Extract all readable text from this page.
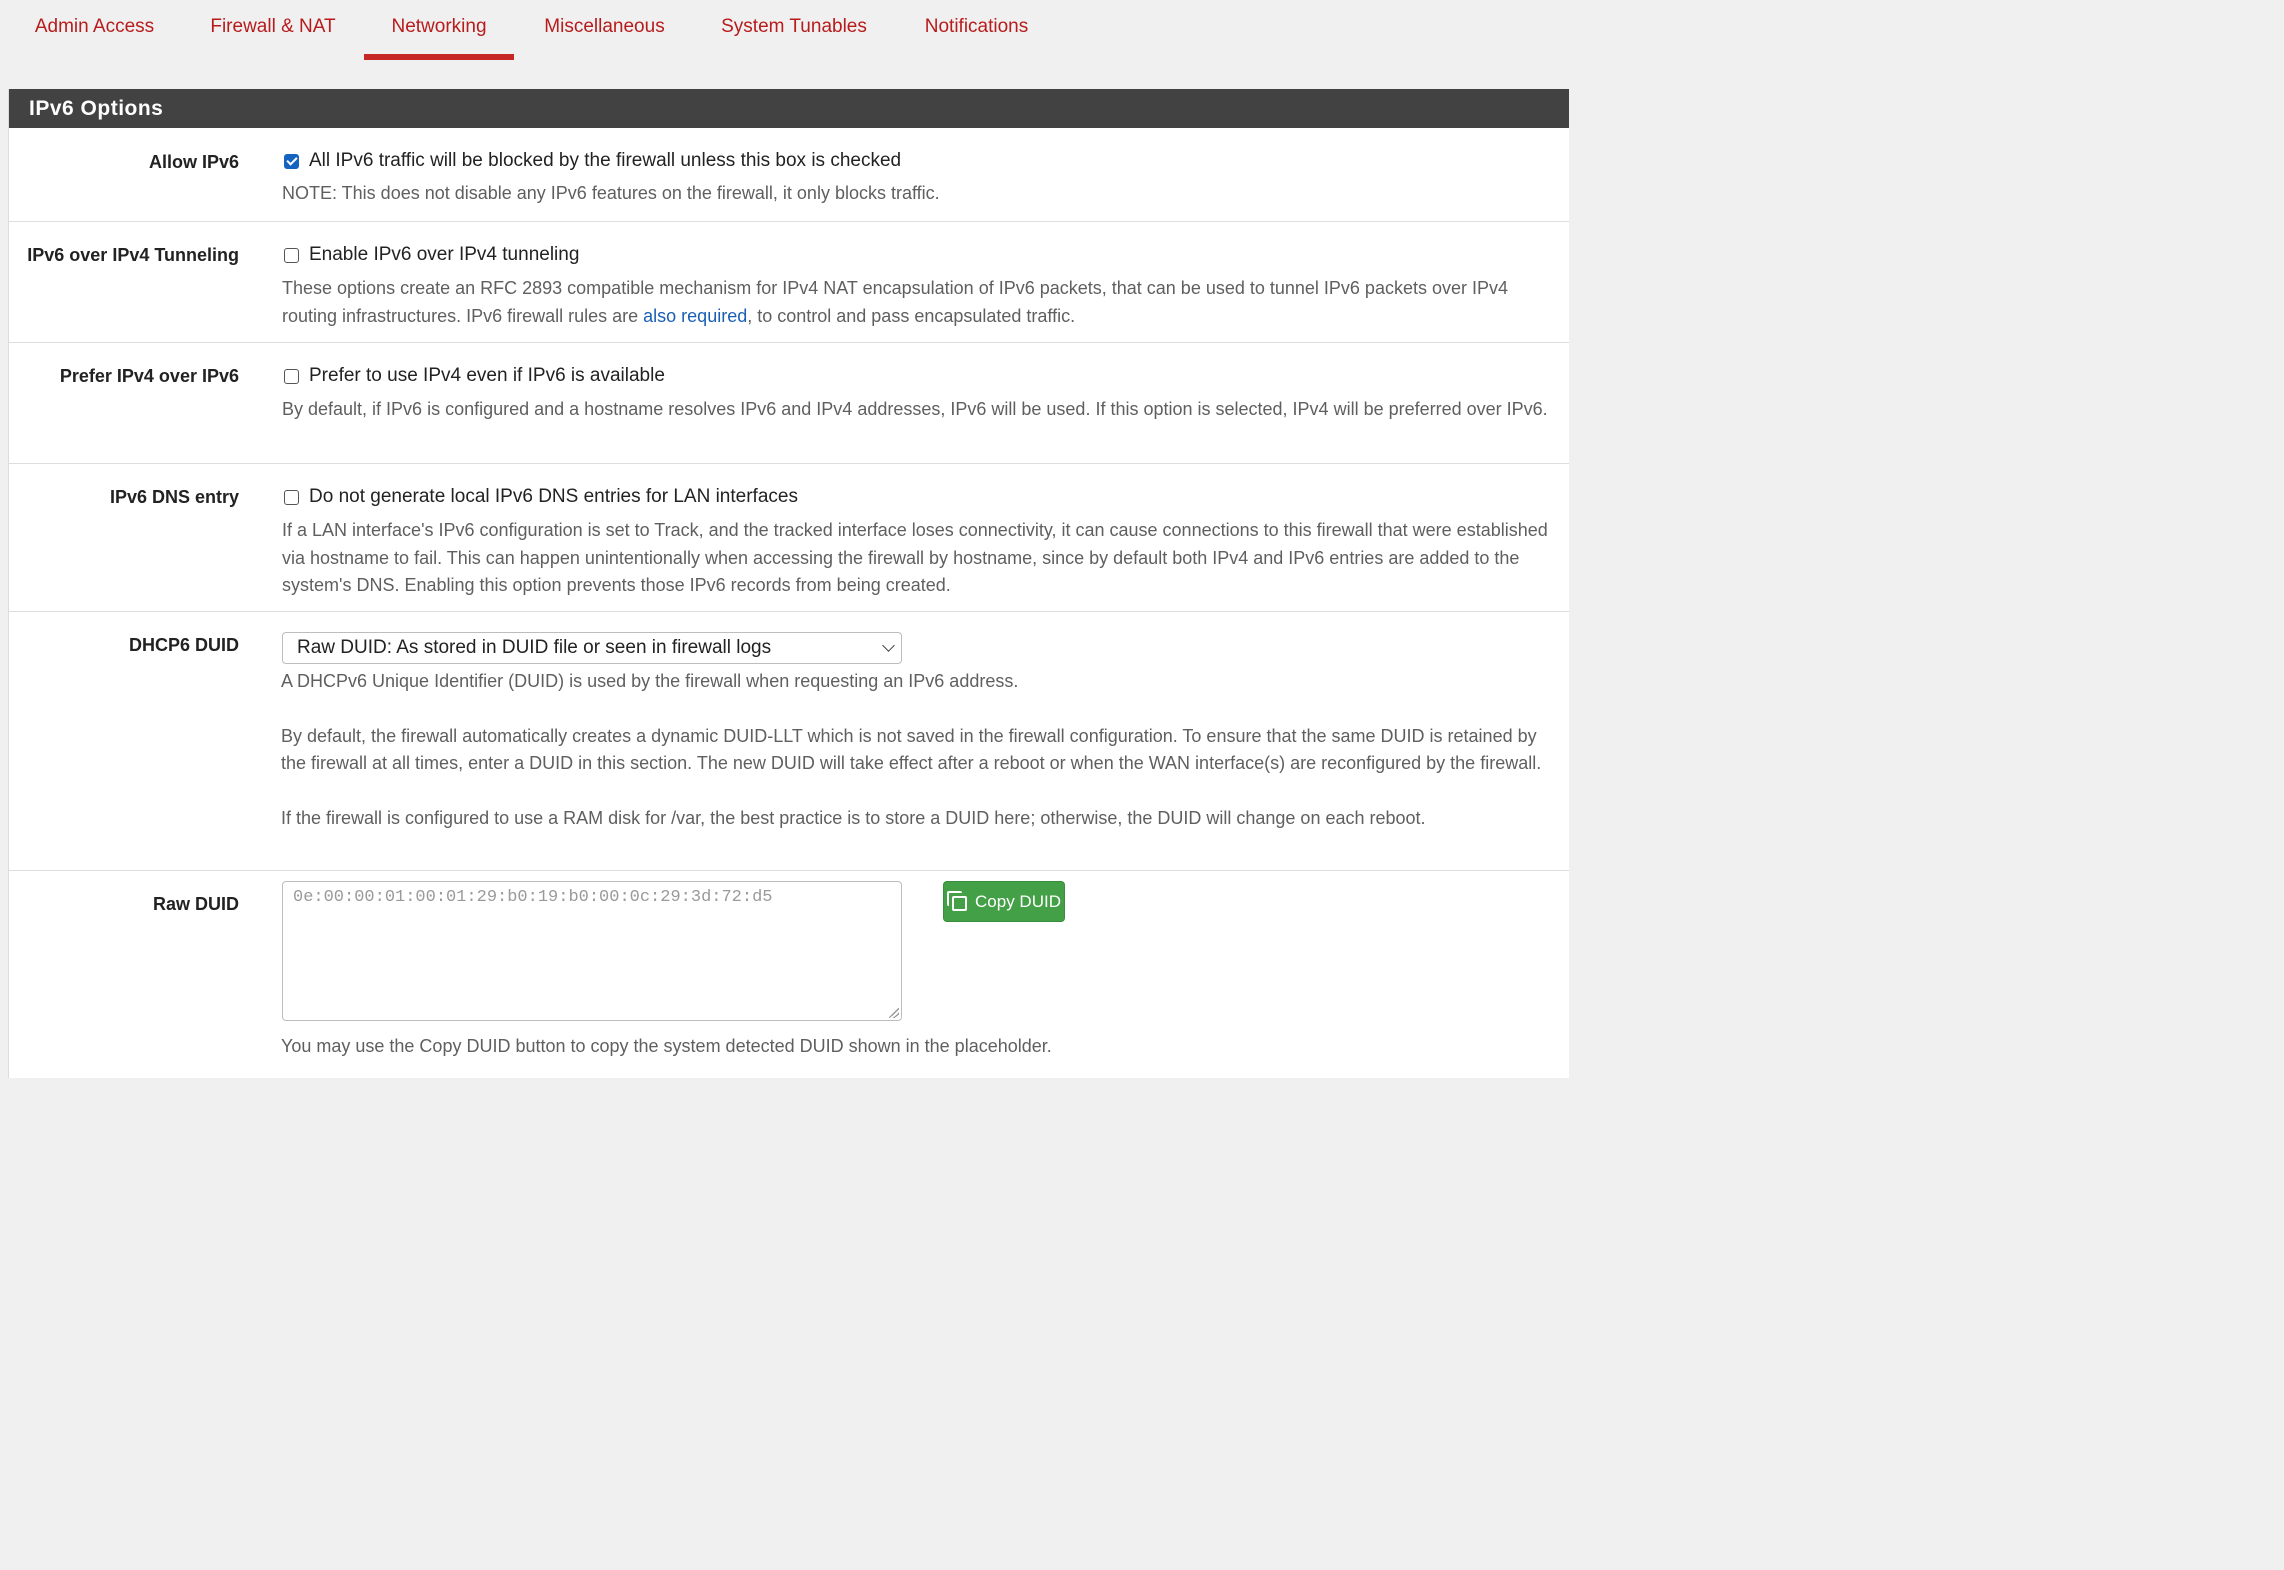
Admin Access	Firewall & NAT	Networking	Miscellaneous	System Tunables	Notifications
IPv6 Options
Allow IPv6	All IPv6 traffic will be blocked by the firewall unless this box is checked
NOTE: This does not disable any IPv6 features on the firewall, it only blocks traffic.
IPv6 over IPv4 Tunneling	Enable IPv6 over IPv4 tunneling
These options create an RFC 2893 compatible mechanism for IPv4 NAT encapsulation of IPv6 packets, that can be used to tunnel IPv6 packets over IPv4 routing infrastructures. IPv6 firewall rules are also required, to control and pass encapsulated traffic.
Prefer IPv4 over IPv6	Prefer to use IPv4 even if IPv6 is available
By default, if IPv6 is configured and a hostname resolves IPv6 and IPv4 addresses, IPv6 will be used. If this option is selected, IPv4 will be preferred over IPv6.
IPv6 DNS entry	Do not generate local IPv6 DNS entries for LAN interfaces
If a LAN interface's IPv6 configuration is set to Track, and the tracked interface loses connectivity, it can cause connections to this firewall that were established via hostname to fail. This can happen unintentionally when accessing the firewall by hostname, since by default both IPv4 and IPv6 entries are added to the system's DNS. Enabling this option prevents those IPv6 records from being created.
DHCP6 DUID	Raw DUID: As stored in DUID file or seen in firewall logs
A DHCPv6 Unique Identifier (DUID) is used by the firewall when requesting an IPv6 address.
By default, the firewall automatically creates a dynamic DUID-LLT which is not saved in the firewall configuration. To ensure that the same DUID is retained by the firewall at all times, enter a DUID in this section. The new DUID will take effect after a reboot or when the WAN interface(s) are reconfigured by the firewall.
If the firewall is configured to use a RAM disk for /var, the best practice is to store a DUID here; otherwise, the DUID will change on each reboot.
Raw DUID	0e:00:00:01:00:01:29:b0:19:b0:00:0c:29:3d:72:d5	Copy DUID
You may use the Copy DUID button to copy the system detected DUID shown in the placeholder.
